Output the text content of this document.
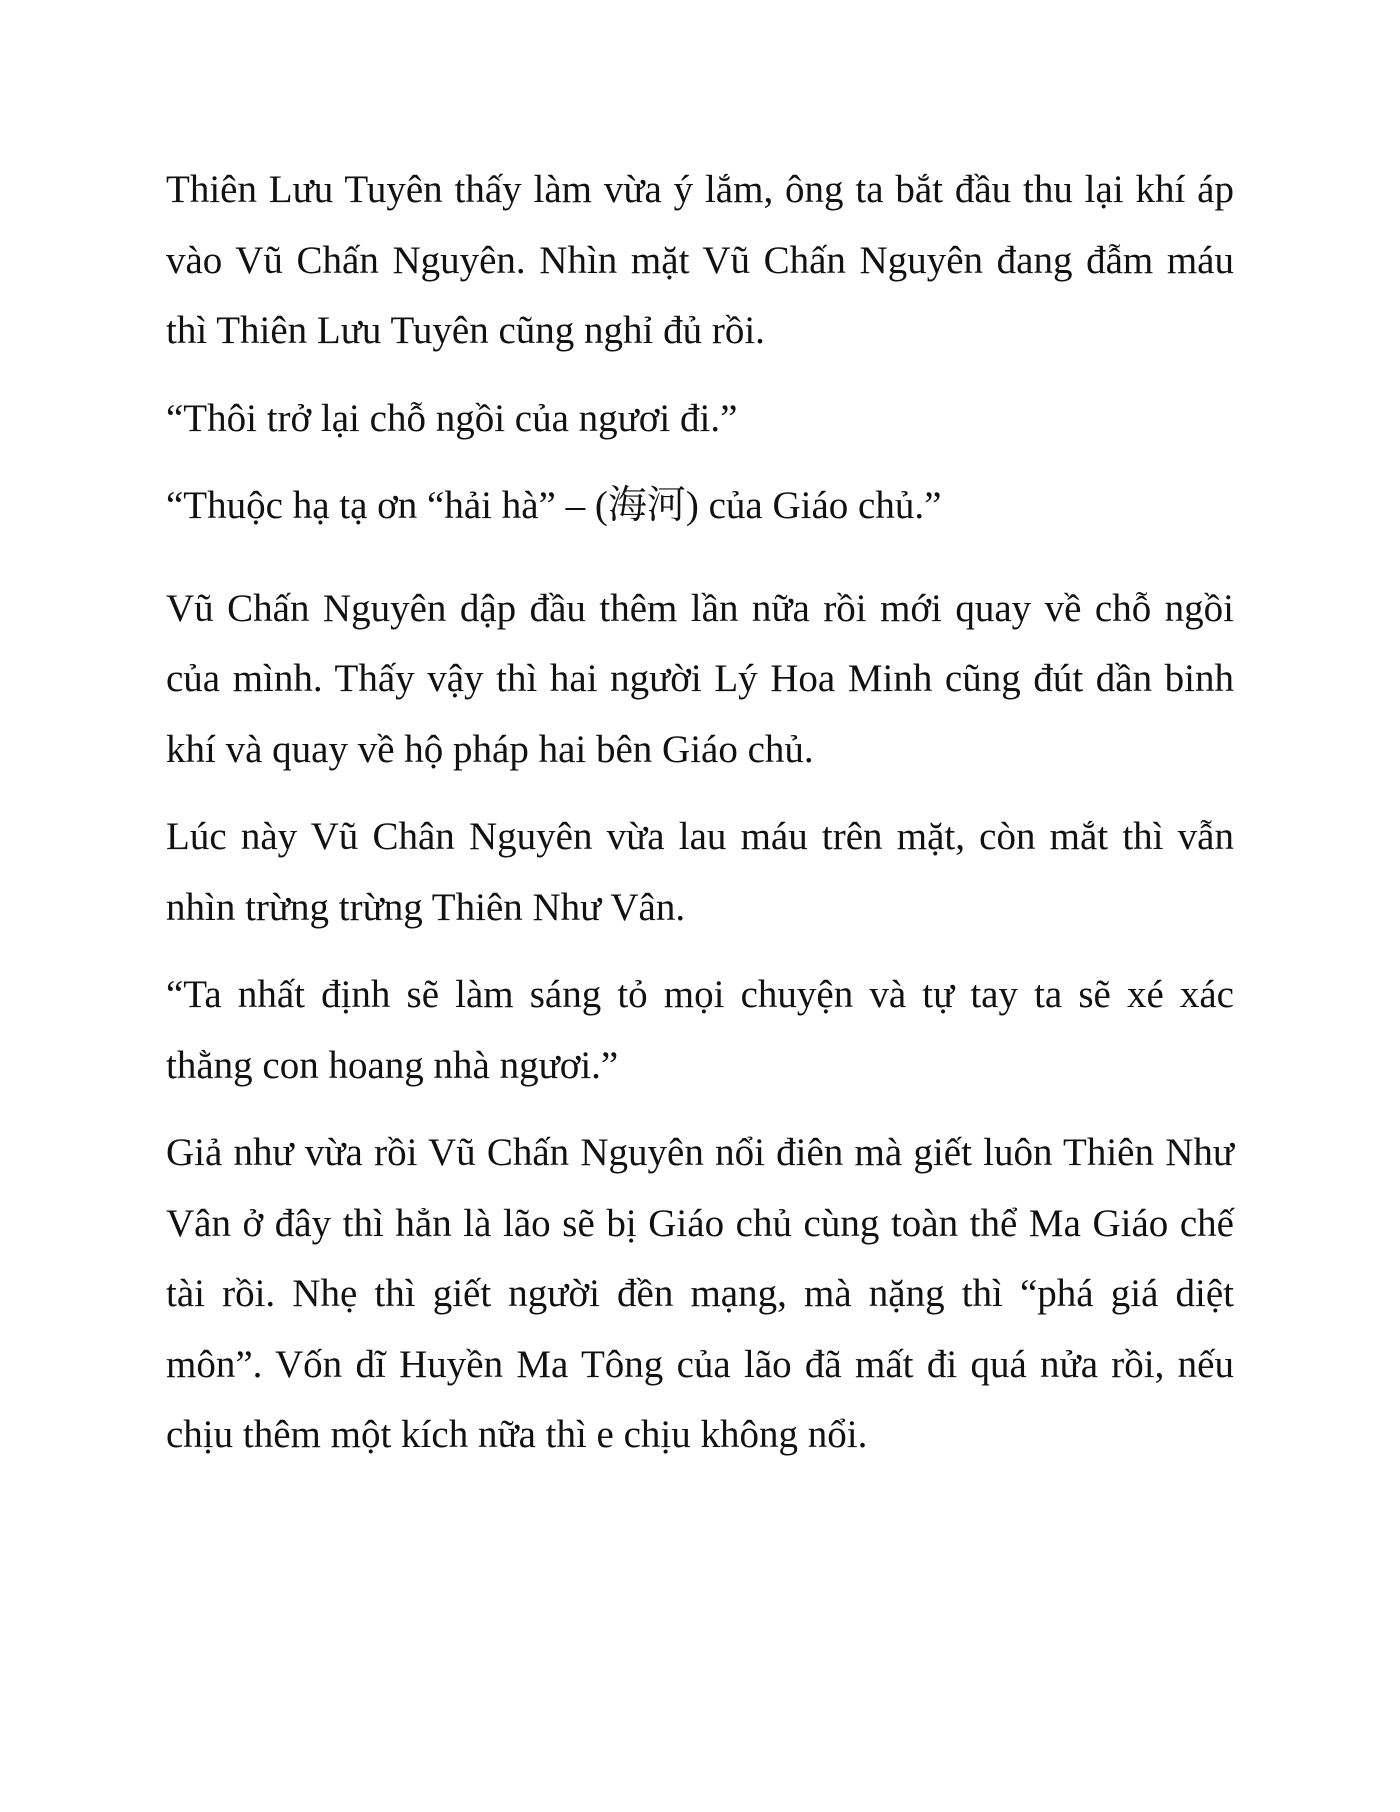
Thiên Lưu Tuyên thấy làm vừa ý lắm, ông ta bắt đầu thu lại khí áp vào Vũ Chấn Nguyên. Nhìn mặt Vũ Chấn Nguyên đang đẫm máu thì Thiên Lưu Tuyên cũng nghỉ đủ rồi.

“Thôi trở lại chỗ ngồi của ngươi đi.”

“Thuộc hạ tạ ơn “hải hà” – (海河) của Giáo chủ.”

Vũ Chấn Nguyên dập đầu thêm lần nữa rồi mới quay về chỗ ngồi của mình. Thấy vậy thì hai người Lý Hoa Minh cũng đút dần binh khí và quay về hộ pháp hai bên Giáo chủ.

Lúc này Vũ Chân Nguyên vừa lau máu trên mặt, còn mắt thì vẫn nhìn trừng trừng Thiên Như Vân.

“Ta nhất định sẽ làm sáng tỏ mọi chuyện và tự tay ta sẽ xé xác thằng con hoang nhà ngươi.”

Giả như vừa rồi Vũ Chấn Nguyên nổi điên mà giết luôn Thiên Như Vân ở đây thì hẳn là lão sẽ bị Giáo chủ cùng toàn thể Ma Giáo chế tài rồi. Nhẹ thì giết người đền mạng, mà nặng thì “phá giá diệt môn”. Vốn dĩ Huyền Ma Tông của lão đã mất đi quá nửa rồi, nếu chịu thêm một kích nữa thì e chịu không nổi.
